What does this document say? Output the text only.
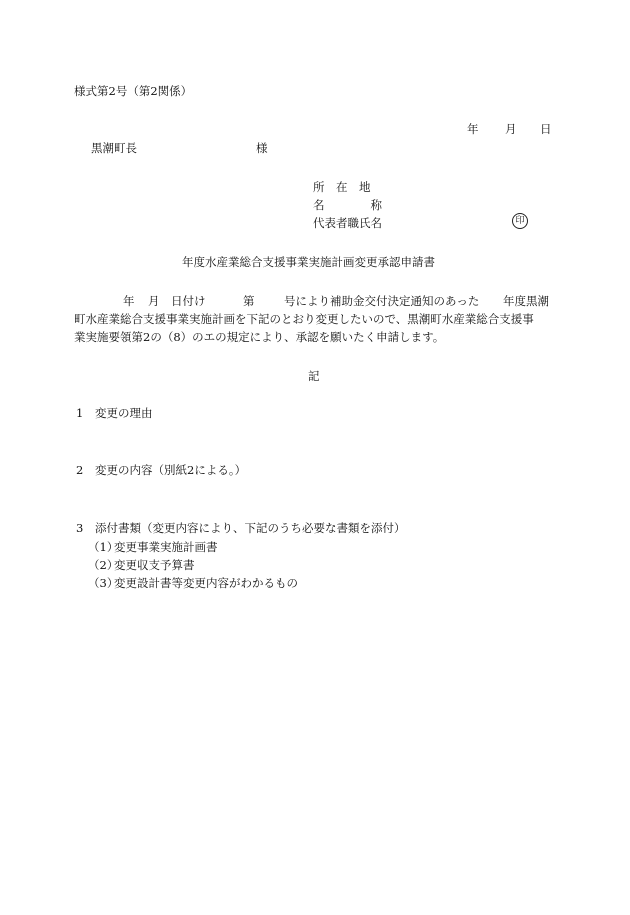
様式第2号（第2関係）
年 月 日
黒潮町長	様
所　在　地
名　　　　称
代表者職氏名	印
年度水産業総合支援事業実施計画変更承認申請書
年 月 日付け	第	号により補助金交付決定通知のあった 年度黒潮
町水産業総合支援事業実施計画を下記のとおり変更したいので、黒潮町水産業総合支援事
業実施要領第2の（8）のエの規定により、承認を願いたく申請します。
記
1 変更の理由
2 変更の内容（別紙2による。）
3 添付書類（変更内容により、下記のうち必要な書類を添付）
（1）
変更事業実施計画書
（2）
変更収支予算書
（3）
変更設計書等変更内容がわかるもの
